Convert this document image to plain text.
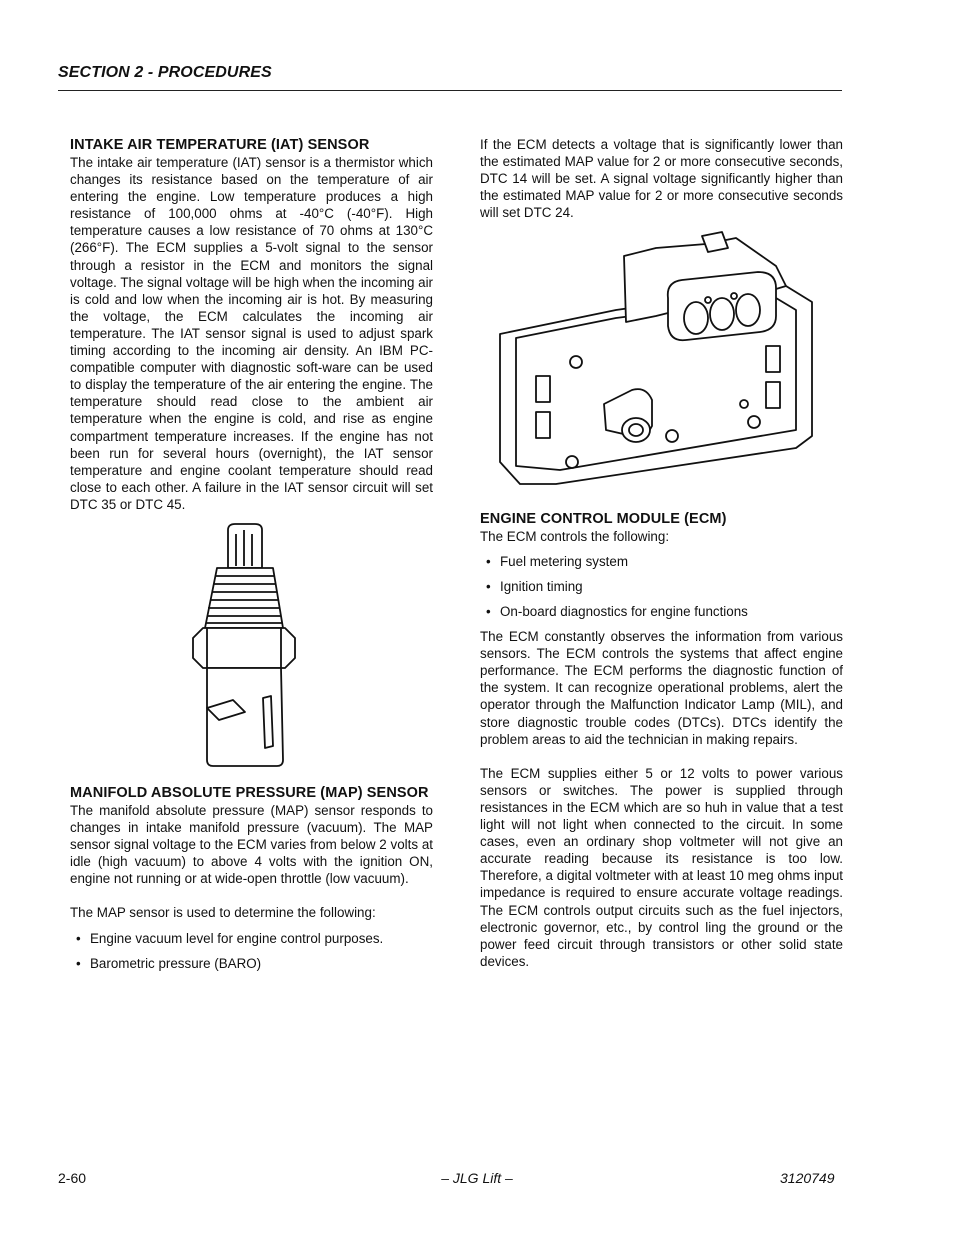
SECTION 2 - PROCEDURES
INTAKE AIR TEMPERATURE (IAT) SENSOR

The intake air temperature (IAT) sensor is a thermistor which changes its resistance based on the temperature of air entering the engine. Low temperature produces a high resistance of 100,000 ohms at -40°C (-40°F). High temperature causes a low resistance of 70 ohms at 130°C (266°F). The ECM supplies a 5-volt signal to the sensor through a resistor in the ECM and monitors the signal voltage. The signal voltage will be high when the incoming air is cold and low when the incoming air is hot. By measuring the voltage, the ECM calculates the incoming air temperature. The IAT sensor signal is used to adjust spark timing according to the incoming air density. An IBM PC-compatible computer with diagnostic soft-ware can be used to display the temperature of the air entering the engine. The temperature should read close to the ambient air temperature when the engine is cold, and rise as engine compartment temperature increases. If the engine has not been run for several hours (overnight), the IAT sensor temperature and engine coolant temperature should read close to each other. A failure in the IAT sensor circuit will set DTC 35 or DTC 45.

MANIFOLD ABSOLUTE PRESSURE (MAP) SENSOR

The manifold absolute pressure (MAP) sensor responds to changes in intake manifold pressure (vacuum). The MAP sensor signal voltage to the ECM varies from below 2 volts at idle (high vacuum) to above 4 volts with the ignition ON, engine not running or at wide-open throttle (low vacuum).

The MAP sensor is used to determine the following:

• Engine vacuum level for engine control purposes.
• Barometric pressure (BARO)

If the ECM detects a voltage that is significantly lower than the estimated MAP value for 2 or more consecutive seconds, DTC 14 will be set. A signal voltage significantly higher than the estimated MAP value for 2 or more consecutive seconds will set DTC 24.

ENGINE CONTROL MODULE (ECM)

The ECM controls the following:

• Fuel metering system
• Ignition timing
• On-board diagnostics for engine functions

The ECM constantly observes the information from various sensors. The ECM controls the systems that affect engine performance. The ECM performs the diagnostic function of the system. It can recognize operational problems, alert the operator through the Malfunction Indicator Lamp (MIL), and store diagnostic trouble codes (DTCs). DTCs identify the problem areas to aid the technician in making repairs.

The ECM supplies either 5 or 12 volts to power various sensors or switches. The power is supplied through resistances in the ECM which are so huh in value that a test light will not light when connected to the circuit. In some cases, even an ordinary shop voltmeter will not give an accurate reading because its resistance is too low. Therefore, a digital voltmeter with at least 10 meg ohms input impedance is required to ensure accurate voltage readings. The ECM controls output circuits such as the fuel injectors, electronic governor, etc., by control ling the ground or the power feed circuit through transistors or other solid state devices.

2-60	– JLG Lift –	3120749
